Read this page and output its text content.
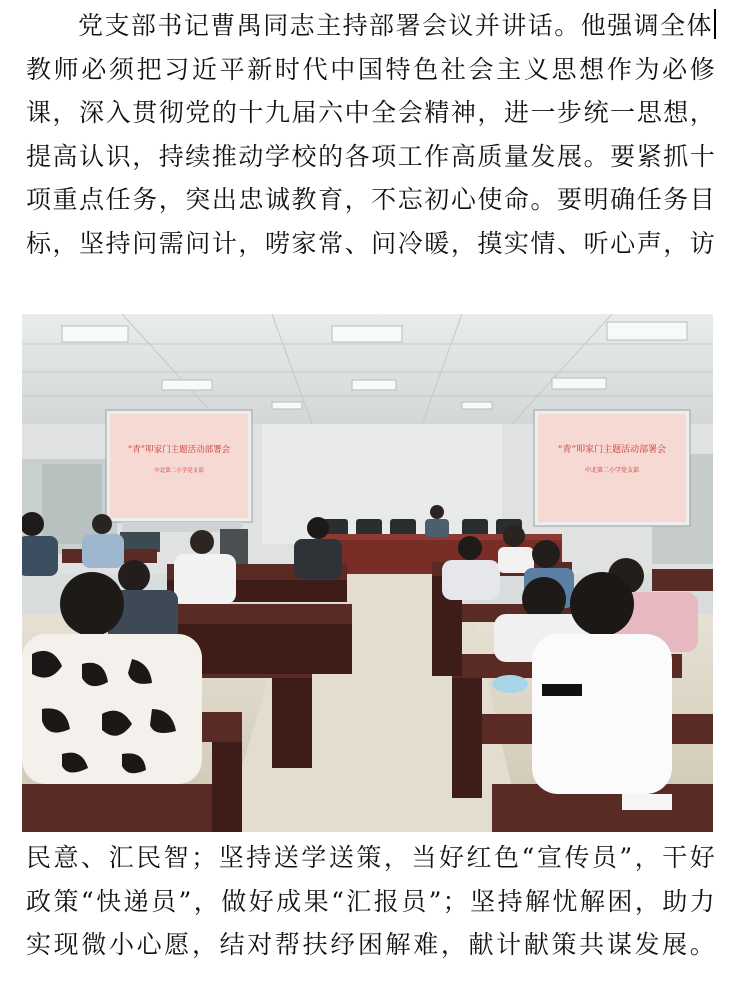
党支部书记曹禺同志主持部署会议并讲话。他强调全体

教师必须把习近平新时代中国特色社会主义思想作为必修

课，深入贯彻党的十九届六中全会精神，进一步统一思想，

提高认识，持续推动学校的各项工作高质量发展。要紧抓十

项重点任务，突出忠诚教育，不忘初心使命。要明确任务目

标，坚持问需问计，唠家常、问冷暖，摸实情、听心声，访

“青”叩家门主题活动部署会
中北第二小学党支部
“青”叩家门主题活动部署会
中北第二小学党支部

民意、汇民智；坚持送学送策，当好红色“宣传员”，干好

政策“快递员”，做好成果“汇报员”；坚持解忧解困，助力

实现微小心愿，结对帮扶纾困解难，献计献策共谋发展。
